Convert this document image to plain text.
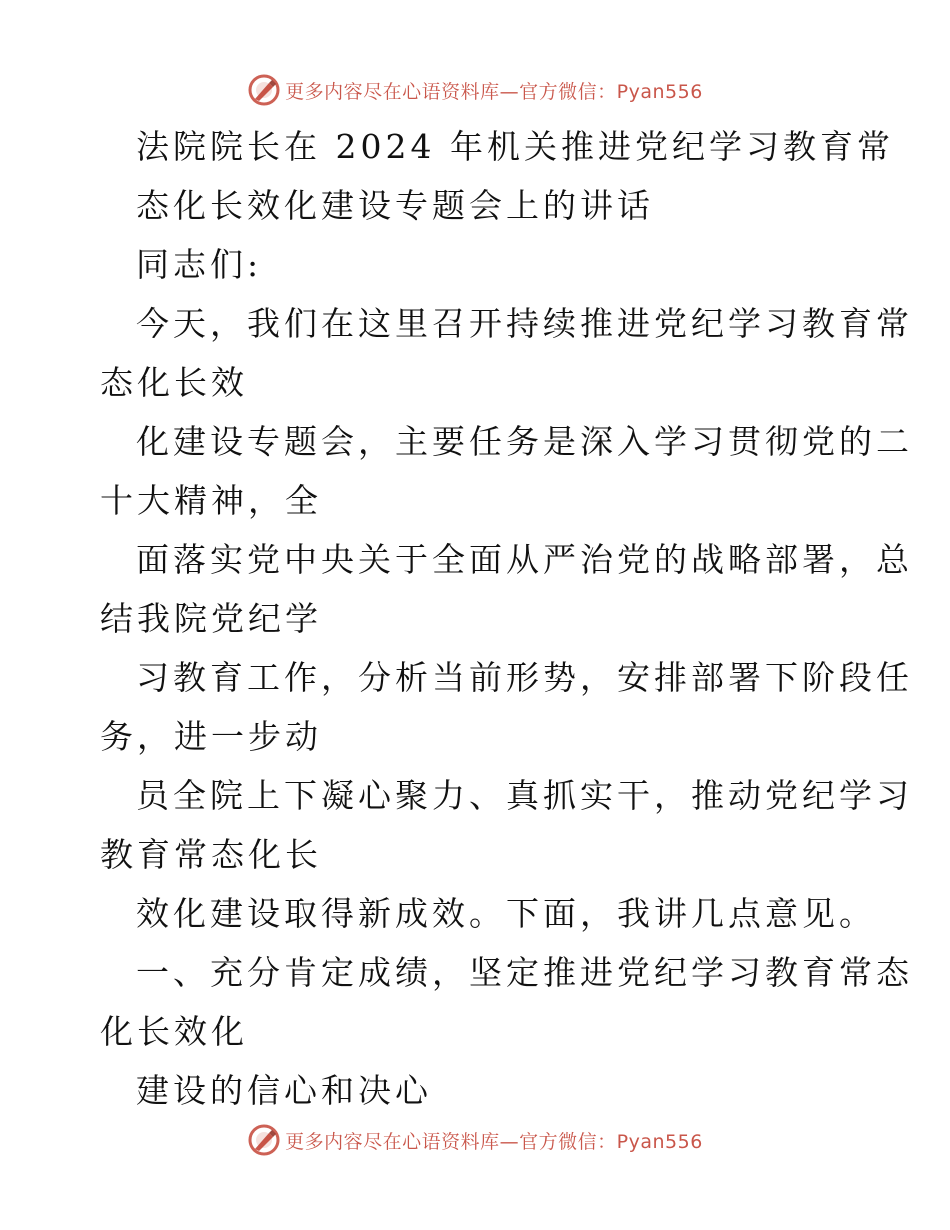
更多内容尽在心语资料库—官方微信：Pyan556
法院院长在 2024 年机关推进党纪学习教育常
态化长效化建设专题会上的讲话
同志们:
今天，我们在这里召开持续推进党纪学习教育常
态化长效
化建设专题会，主要任务是深入学习贯彻党的二
十大精神，全
面落实党中央关于全面从严治党的战略部署，总
结我院党纪学
习教育工作，分析当前形势，安排部署下阶段任
务，进一步动
员全院上下凝心聚力、真抓实干，推动党纪学习
教育常态化长
效化建设取得新成效。下面，我讲几点意见。
一、充分肯定成绩，坚定推进党纪学习教育常态
化长效化
建设的信心和决心
更多内容尽在心语资料库—官方微信：Pyan556
